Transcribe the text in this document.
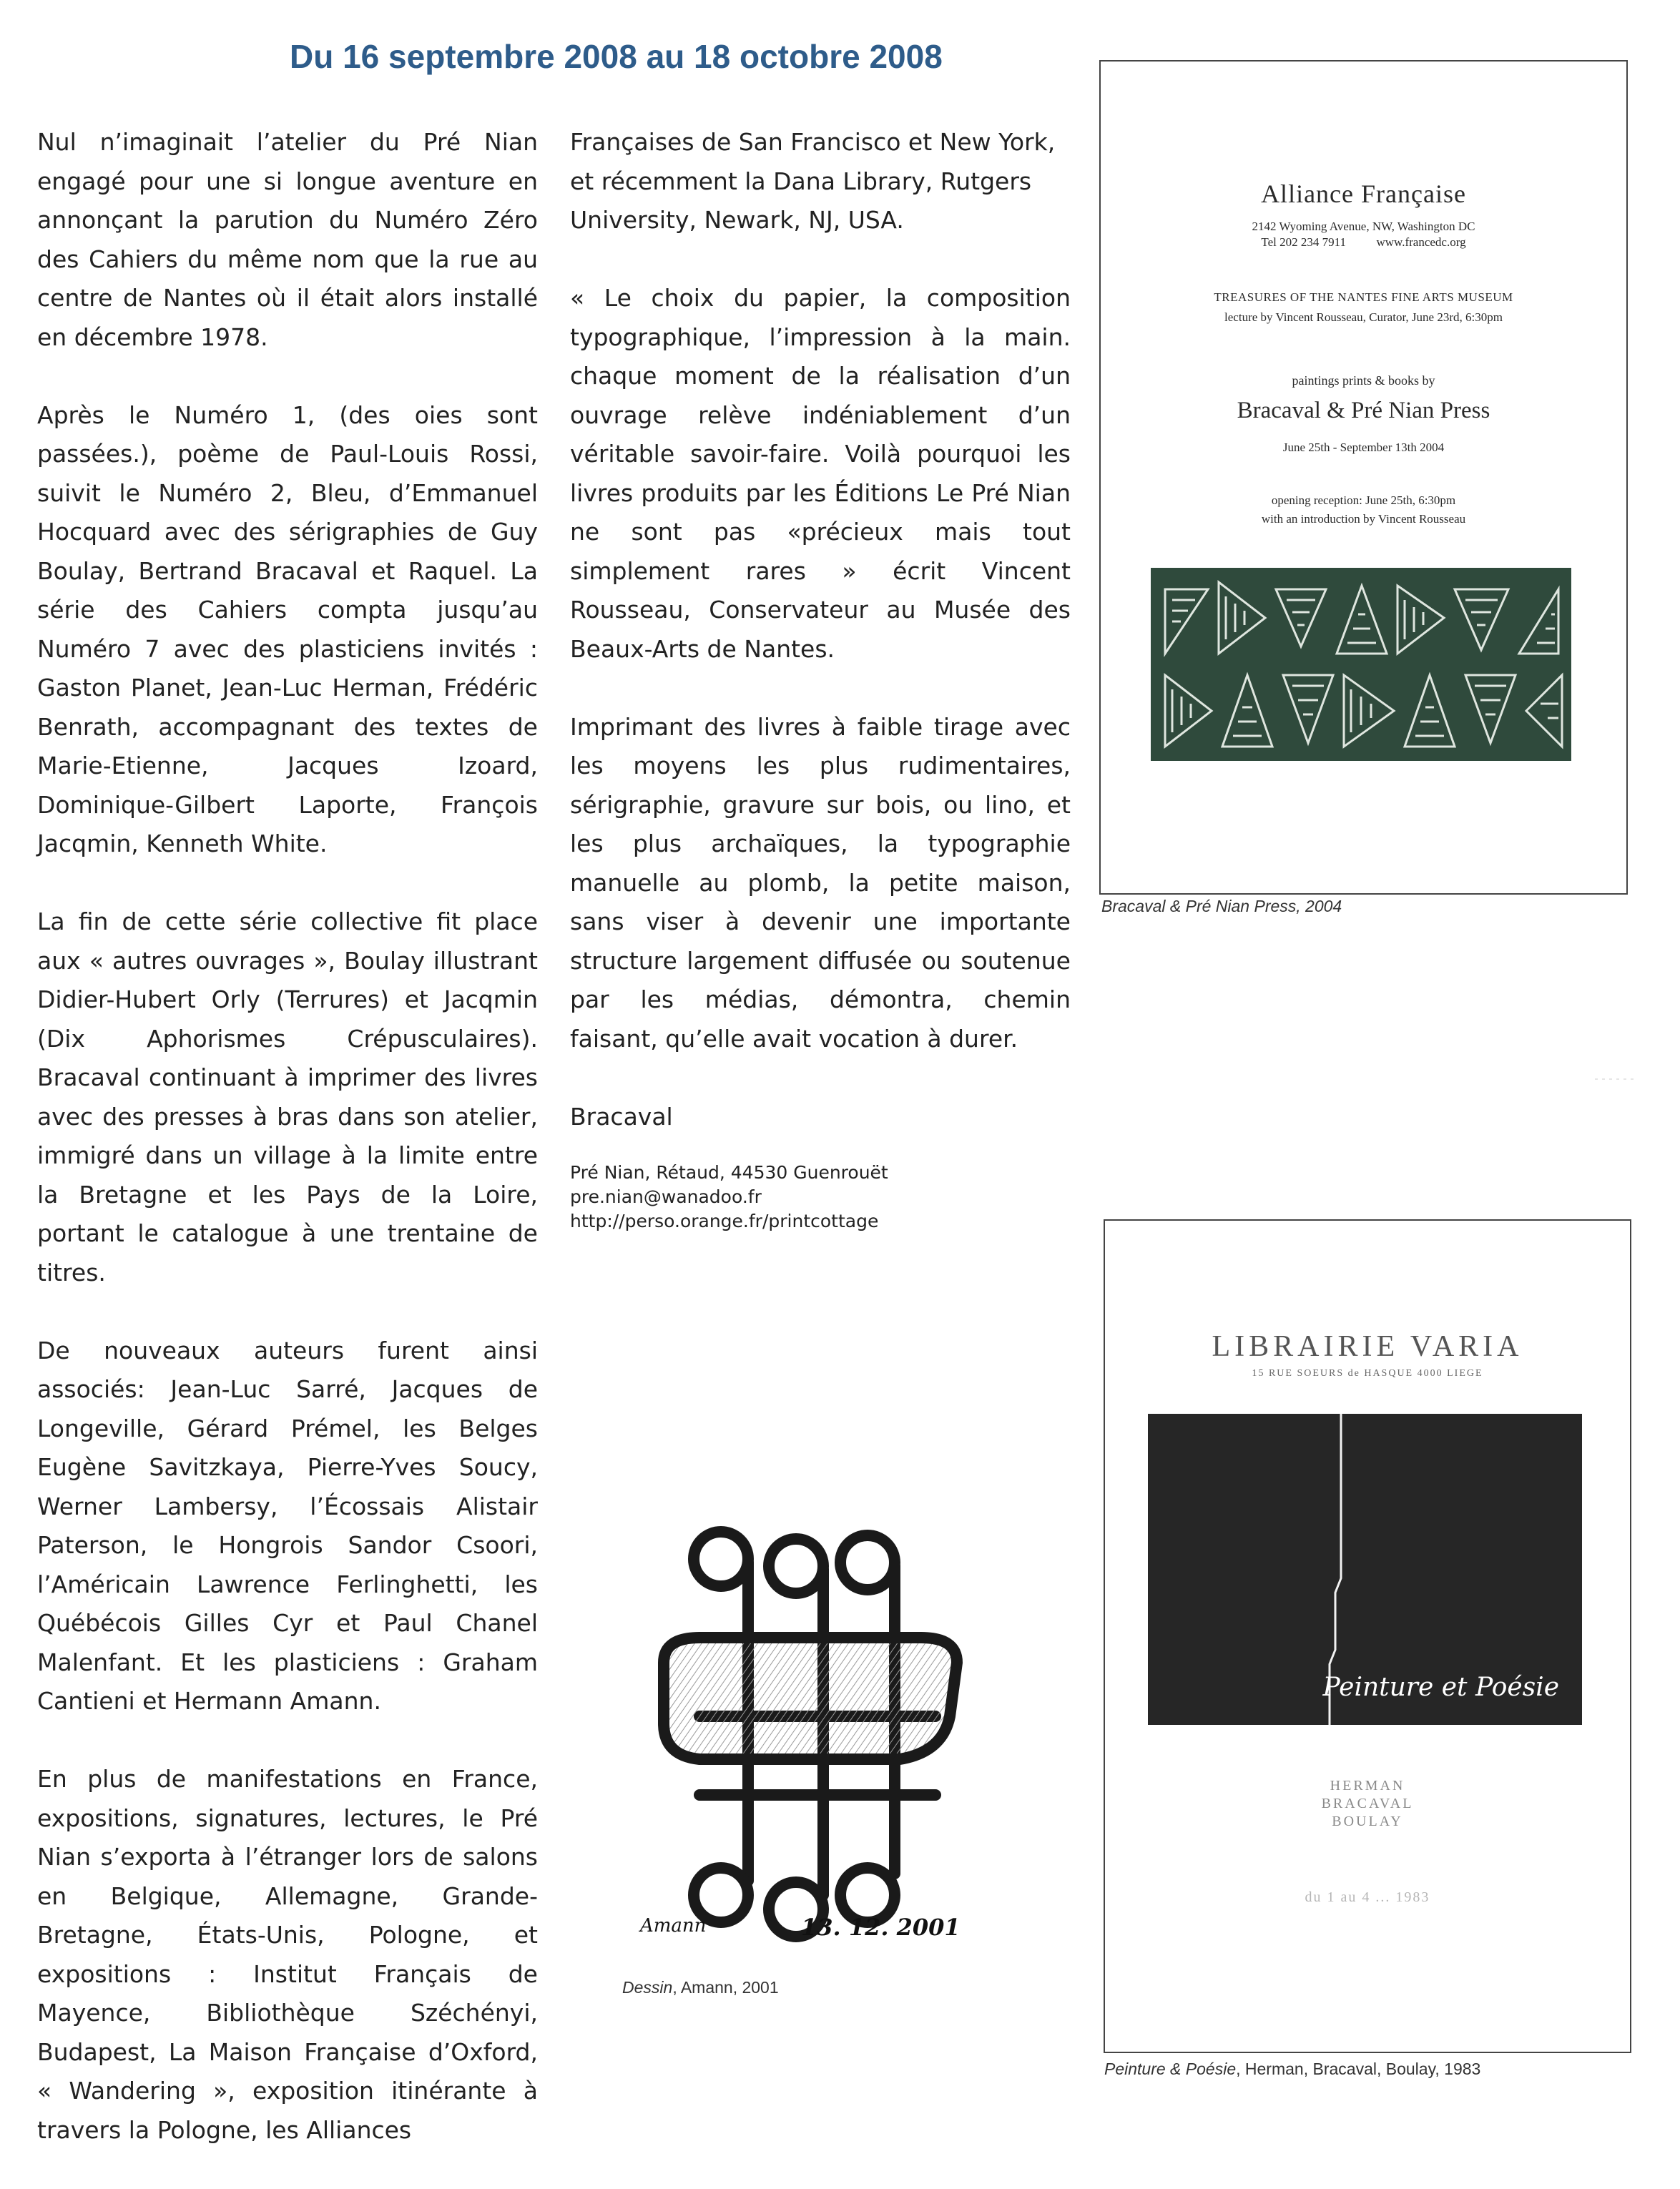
Du 16 septembre 2008 au 18 octobre 2008

Nul n’imaginait l’atelier du Pré Nian engagé pour une si longue aventure en annonçant la parution du Numéro Zéro des Cahiers du même nom que la rue au centre de Nantes où il était alors installé en décembre 1978.

Après le Numéro 1, (des oies sont passées.), poème de Paul-Louis Rossi, suivit le Numéro 2, Bleu, d’Emmanuel Hocquard avec des sérigraphies de Guy Boulay, Bertrand Bracaval et Raquel. La série des Cahiers compta jusqu’au Numéro 7 avec des plasticiens invités : Gaston Planet, Jean-Luc Herman, Frédéric Benrath, accompagnant des textes de Marie-Etienne, Jacques Izoard, Dominique-Gilbert Laporte, François Jacqmin, Kenneth White.

La fin de cette série collective fit place aux « autres ouvrages », Boulay illustrant Didier-Hubert Orly (Terrures) et Jacqmin (Dix Aphorismes Crépusculaires). Bracaval continuant à imprimer des livres avec des presses à bras dans son atelier, immigré dans un village à la limite entre la Bretagne et les Pays de la Loire, portant le catalogue à une trentaine de titres.

De nouveaux auteurs furent ainsi associés: Jean-Luc Sarré, Jacques de Longeville, Gérard Prémel, les Belges Eugène Savitzkaya, Pierre-Yves Soucy, Werner Lambersy, l’Écossais Alistair Paterson, le Hongrois Sandor Csoori, l’Américain Lawrence Ferlinghetti, les Québécois Gilles Cyr et Paul Chanel Malenfant. Et les plasticiens : Graham Cantieni et Hermann Amann.

En plus de manifestations en France, expositions, signatures, lectures, le Pré Nian s’exporta à l’étranger lors de salons en Belgique, Allemagne, Grande-Bretagne, États-Unis, Pologne, et expositions : Institut Français de Mayence, Bibliothèque Széchényi, Budapest, La Maison Française d’Oxford, « Wandering », exposition itinérante à travers la Pologne, les Alliances

Françaises de San Francisco et New York, et récemment la Dana Library, Rutgers University, Newark, NJ, USA.

« Le choix du papier, la composition typographique, l’impression à la main. chaque moment de la réalisation d’un ouvrage relève indéniablement d’un véritable savoir-faire. Voilà pourquoi les livres produits par les Éditions Le Pré Nian ne sont pas «précieux mais tout simplement rares » écrit Vincent Rousseau, Conservateur au Musée des Beaux-Arts de Nantes.

Imprimant des livres à faible tirage avec les moyens les plus rudimentaires, sérigraphie, gravure sur bois, ou lino, et les plus archaïques, la typographie manuelle au plomb, la petite maison, sans viser à devenir une importante structure largement diffusée ou soutenue par les médias, démontra, chemin faisant, qu’elle avait vocation à durer.

Bracaval

Pré Nian, Rétaud, 44530 Guenrouët
pre.nian@wanadoo.fr
http://perso.orange.fr/printcottage
Alliance Française
2142 Wyoming Avenue, NW, Washington DC
Tel 202 234 7911          www.francedc.org
TREASURES OF THE NANTES FINE ARTS MUSEUM
lecture by Vincent Rousseau, Curator, June 23rd, 6:30pm
paintings prints & books by
Bracaval & Pré Nian Press
June 25th - September 13th 2004
opening reception: June 25th, 6:30pm
with an introduction by Vincent Rousseau
Bracaval & Pré Nian Press, 2004
Amann	13. 12. 2001
Dessin, Amann, 2001
LIBRAIRIE VARIA
15 RUE SOEURS de HASQUE 4000 LIEGE
Peinture et Poésie
HERMAN
BRACAVAL
BOULAY
du 1 au 4 ... 1983
Peinture & Poésie, Herman, Bracaval, Boulay, 1983
